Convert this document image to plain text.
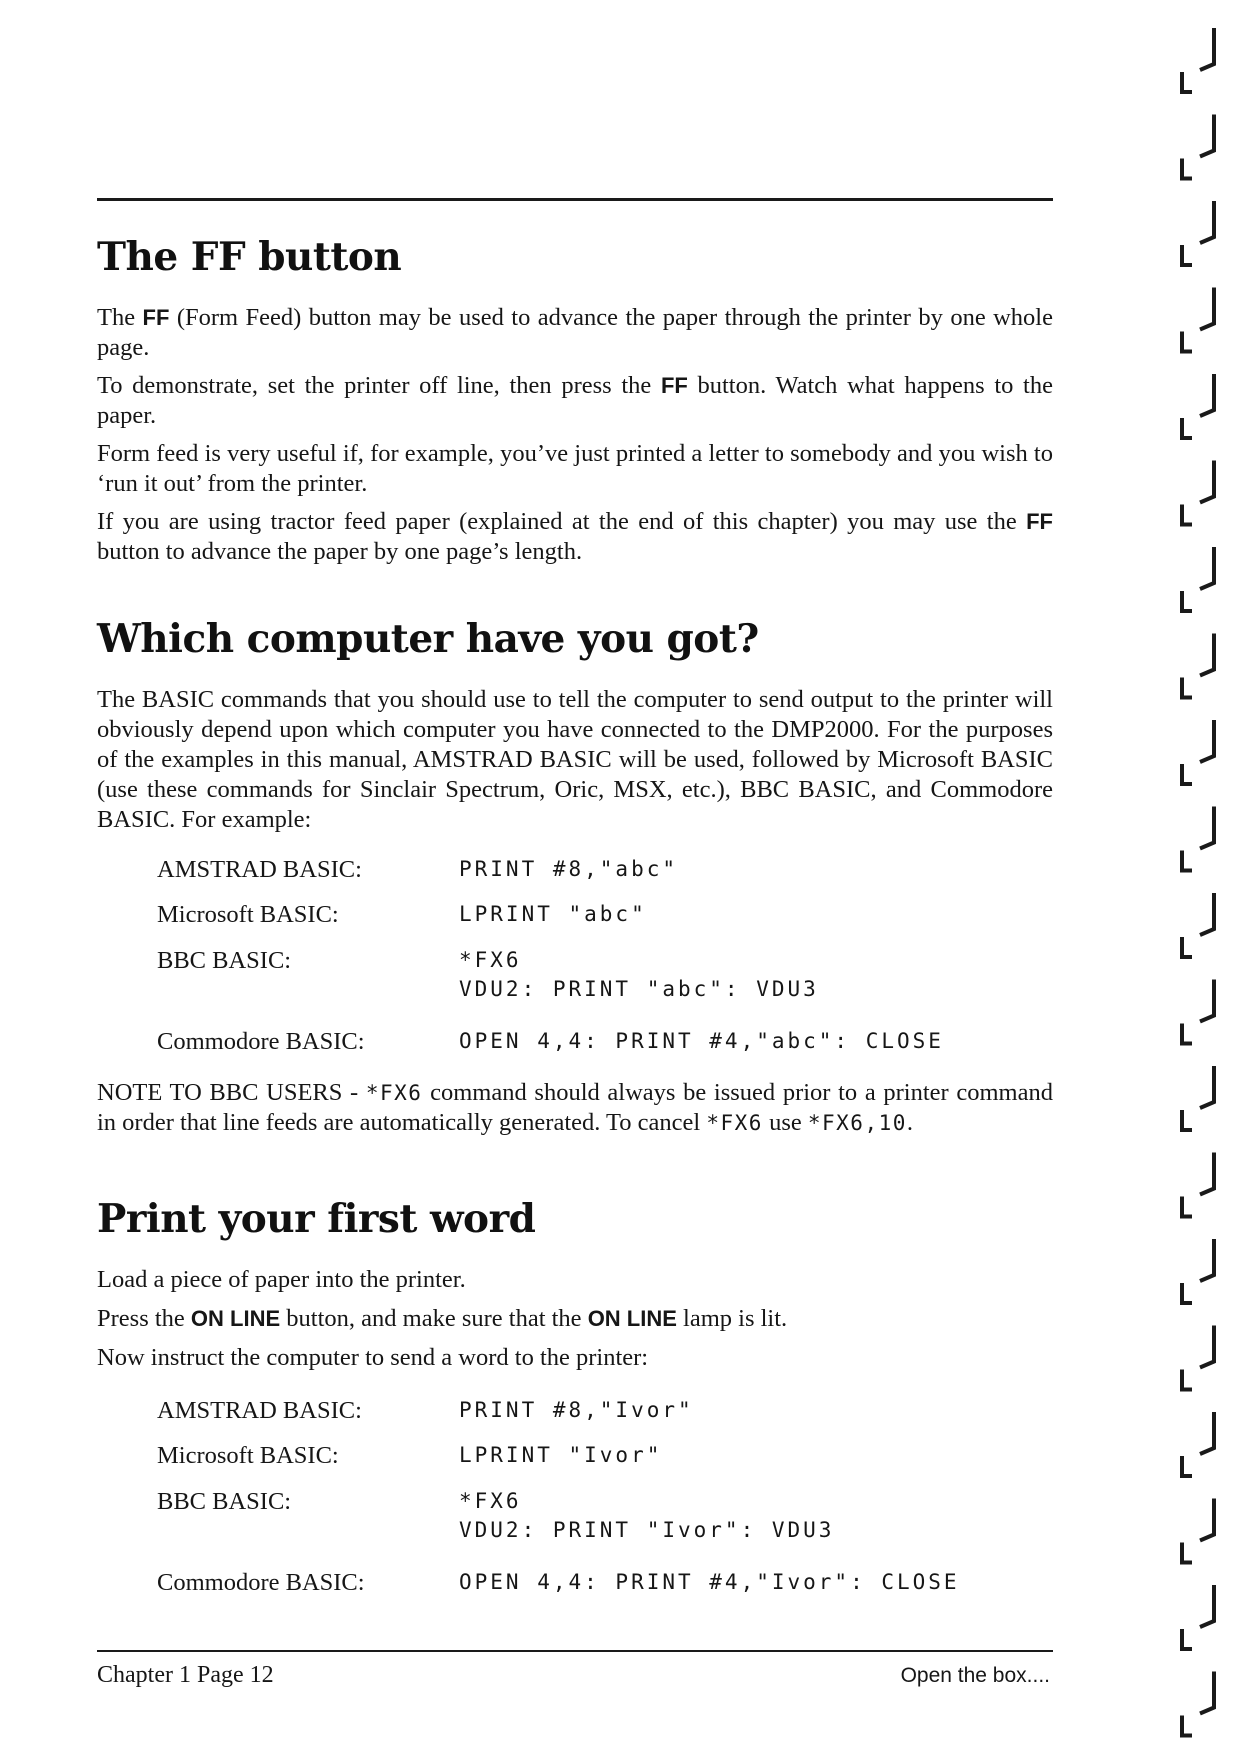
The FF button

The FF (Form Feed) button may be used to advance the paper through the printer by one whole page.

To demonstrate, set the printer off line, then press the FF button. Watch what happens to the paper.

Form feed is very useful if, for example, you’ve just printed a letter to somebody and you wish to ‘run it out’ from the printer.

If you are using tractor feed paper (explained at the end of this chapter) you may use the FF button to advance the paper by one page’s length.

Which computer have you got?

The BASIC commands that you should use to tell the computer to send output to the printer will obviously depend upon which computer you have connected to the DMP2000. For the purposes of the examples in this manual, AMSTRAD BASIC will be used, followed by Microsoft BASIC (use these commands for Sinclair Spectrum, Oric, MSX, etc.), BBC BASIC, and Commodore BASIC. For example:

AMSTRAD BASIC:	PRINT #8,"abc"
Microsoft BASIC:	LPRINT "abc"
BBC BASIC:	*FX6
VDU2: PRINT "abc": VDU3
Commodore BASIC:	OPEN 4,4: PRINT #4,"abc": CLOSE

NOTE TO BBC USERS - *FX6 command should always be issued prior to a printer command in order that line feeds are automatically generated. To cancel *FX6 use *FX6,10.

Print your first word

Load a piece of paper into the printer.

Press the ON LINE button, and make sure that the ON LINE lamp is lit.

Now instruct the computer to send a word to the printer:

AMSTRAD BASIC:	PRINT #8,"Ivor"
Microsoft BASIC:	LPRINT "Ivor"
BBC BASIC:	*FX6
VDU2: PRINT "Ivor": VDU3
Commodore BASIC:	OPEN 4,4: PRINT #4,"Ivor": CLOSE
Chapter 1 Page 12	Open the box....
